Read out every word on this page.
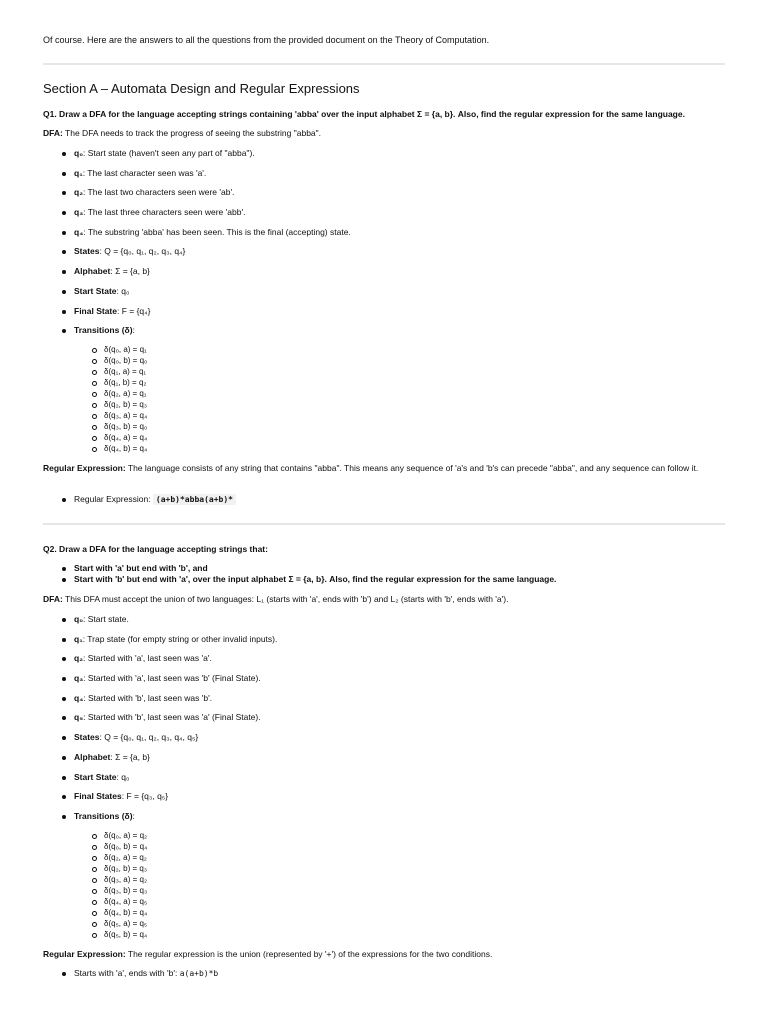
Of course. Here are the answers to all the questions from the provided document on the Theory of Computation.
Section A – Automata Design and Regular Expressions
Q1. Draw a DFA for the language accepting strings containing 'abba' over the input alphabet Σ = {a, b}. Also, find the regular expression for the same language.
DFA: The DFA needs to track the progress of seeing the substring "abba".
q₀: Start state (haven't seen any part of "abba").
q₁: The last character seen was 'a'.
q₂: The last two characters seen were 'ab'.
q₃: The last three characters seen were 'abb'.
q₄: The substring 'abba' has been seen. This is the final (accepting) state.
States: Q = {q₀, q₁, q₂, q₃, q₄}
Alphabet: Σ = {a, b}
Start State: q₀
Final State: F = {q₄}
Transitions (δ):
δ(q₀, a) = q₁
δ(q₀, b) = q₀
δ(q₁, a) = q₁
δ(q₁, b) = q₂
δ(q₂, a) = q₁
δ(q₂, b) = q₃
δ(q₃, a) = q₄
δ(q₃, b) = q₀
δ(q₄, a) = q₄
δ(q₄, b) = q₄
Regular Expression: The language consists of any string that contains "abba". This means any sequence of 'a's and 'b's can precede "abba", and any sequence can follow it.
Regular Expression: (a+b)*abba(a+b)*
Q2. Draw a DFA for the language accepting strings that:
Start with 'a' but end with 'b', and
Start with 'b' but end with 'a', over the input alphabet Σ = {a, b}. Also, find the regular expression for the same language.
DFA: This DFA must accept the union of two languages: L₁ (starts with 'a', ends with 'b') and L₂ (starts with 'b', ends with 'a').
q₀: Start state.
q₁: Trap state (for empty string or other invalid inputs).
q₂: Started with 'a', last seen was 'a'.
q₃: Started with 'a', last seen was 'b' (Final State).
q₄: Started with 'b', last seen was 'b'.
q₅: Started with 'b', last seen was 'a' (Final State).
States: Q = {q₀, q₁, q₂, q₃, q₄, q₅}
Alphabet: Σ = {a, b}
Start State: q₀
Final States: F = {q₃, q₅}
Transitions (δ):
δ(q₀, a) = q₂
δ(q₀, b) = q₄
δ(q₂, a) = q₂
δ(q₂, b) = q₃
δ(q₃, a) = q₂
δ(q₃, b) = q₃
δ(q₄, a) = q₅
δ(q₄, b) = q₄
δ(q₅, a) = q₅
δ(q₅, b) = q₄
Regular Expression: The regular expression is the union (represented by '+') of the expressions for the two conditions.
Starts with 'a', ends with 'b': a(a+b)*b
